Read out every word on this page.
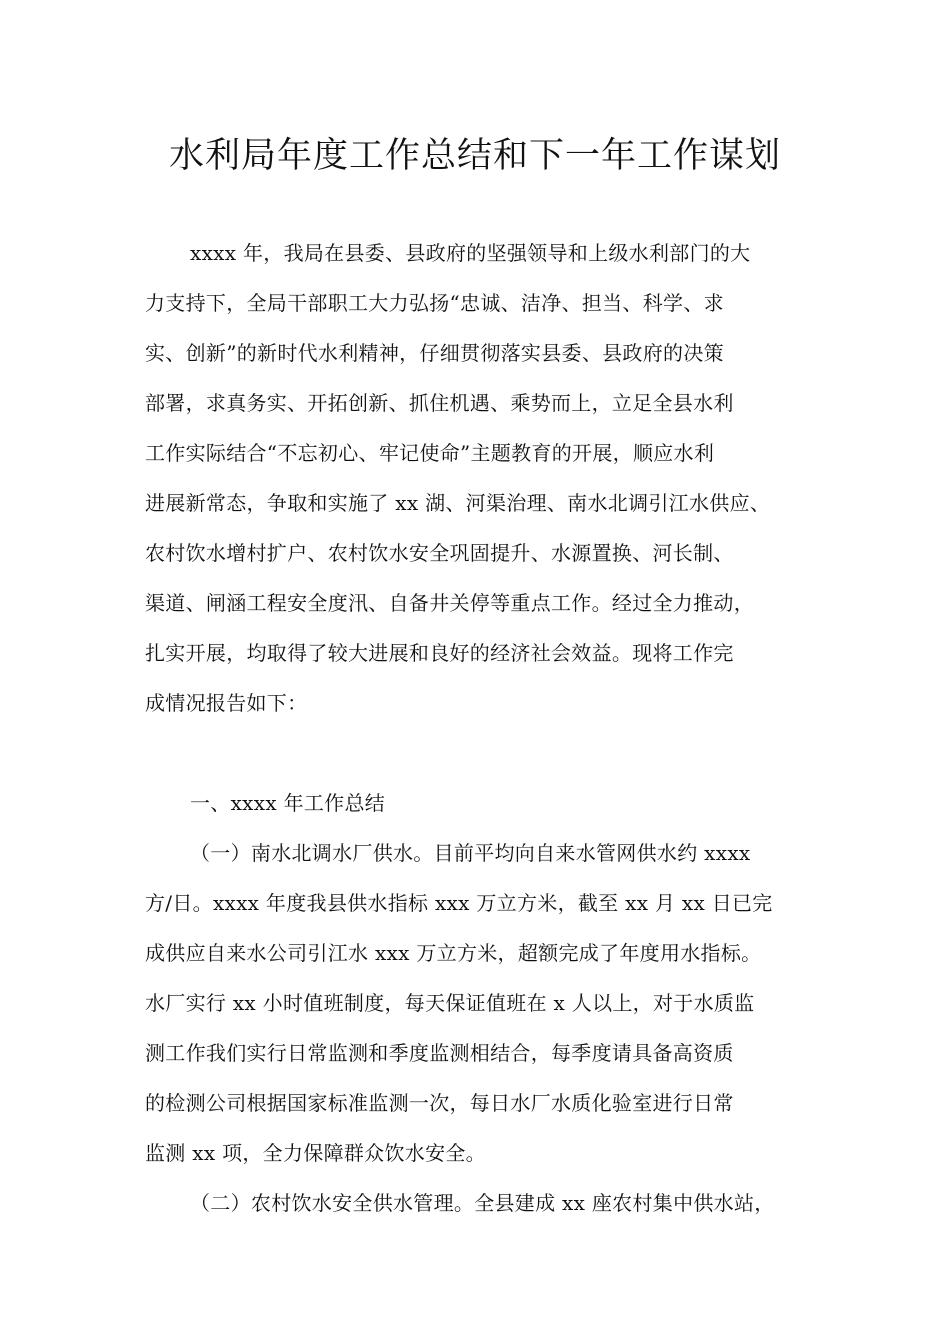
水利局年度工作总结和下一年工作谋划
xxxx 年，我局在县委、县政府的坚强领导和上级水利部门的大
力支持下，全局干部职工大力弘扬“忠诚、洁净、担当、科学、求
实、创新”的新时代水利精神，仔细贯彻落实县委、县政府的决策
部署，求真务实、开拓创新、抓住机遇、乘势而上，立足全县水利
工作实际结合“不忘初心、牢记使命”主题教育的开展，顺应水利
进展新常态，争取和实施了 xx 湖、河渠治理、南水北调引江水供应、
农村饮水增村扩户、农村饮水安全巩固提升、水源置换、河长制、
渠道、闸涵工程安全度汛、自备井关停等重点工作。经过全力推动，
扎实开展，均取得了较大进展和良好的经济社会效益。现将工作完
成情况报告如下：
一、xxxx 年工作总结
（一）南水北调水厂供水。目前平均向自来水管网供水约 xxxx
方/日。xxxx 年度我县供水指标 xxx 万立方米，截至 xx 月 xx 日已完
成供应自来水公司引江水 xxx 万立方米，超额完成了年度用水指标。
水厂实行 xx 小时值班制度，每天保证值班在 x 人以上，对于水质监
测工作我们实行日常监测和季度监测相结合，每季度请具备高资质
的检测公司根据国家标准监测一次，每日水厂水质化验室进行日常
监测 xx 项，全力保障群众饮水安全。
（二）农村饮水安全供水管理。全县建成 xx 座农村集中供水站，
